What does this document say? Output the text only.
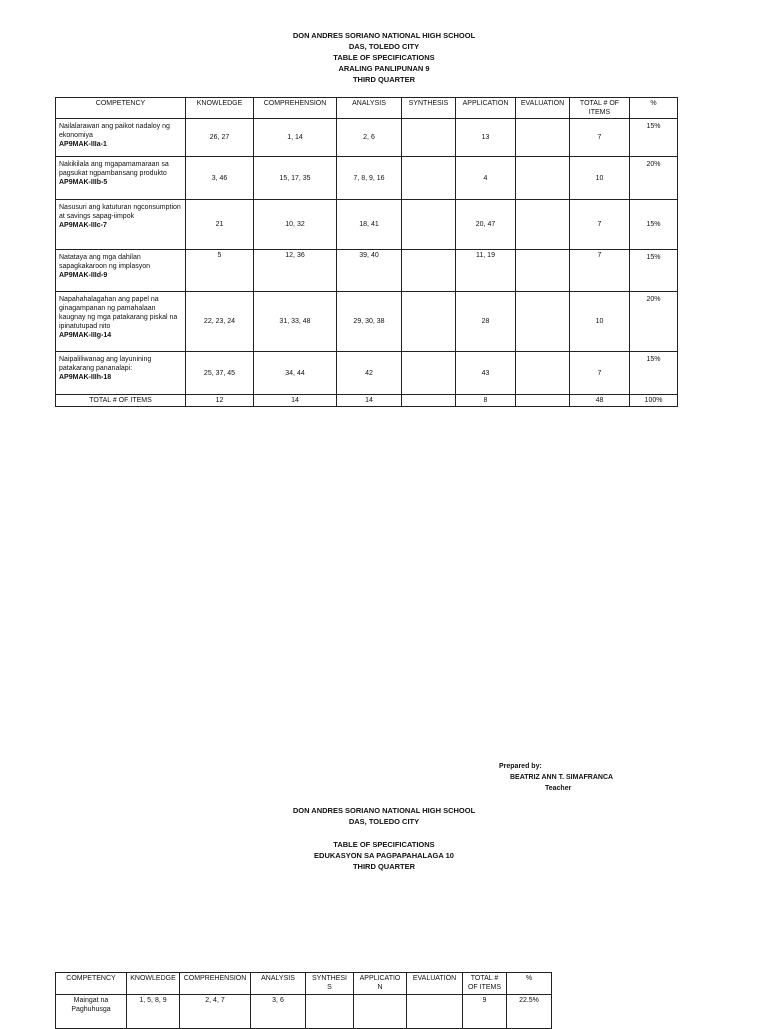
DON ANDRES SORIANO NATIONAL HIGH SCHOOL
DAS, TOLEDO CITY
TABLE OF SPECIFICATIONS
ARALING PANLIPUNAN 9
THIRD QUARTER
COMPETENCY	KNOWLEDGE	COMPREHENSION	ANALYSIS	SYNTHESIS	APPLICATION	EVALUATION	TOTAL # OF ITEMS	%

Nailalarawan ang paikot nadaloy ng ekonomiya
AP9MAK-IIIa-1	26, 27	1, 14	2, 6		13		7	15%

Nakikilala ang mgapamamaraan sa pagsukat ngpambansang produkto
AP9MAK-IIIb-5	3, 46	15, 17, 35	7, 8, 9, 16		4		10	20%

Nasusuri ang katuturan ngconsumption at savings sapag-iimpok
AP9MAK-IIIc-7	21	10, 32	18, 41		20, 47		7	15%

Natataya ang mga dahilan sapagkakaroon ng implasyon
AP9MAK-IIId-9	5	12, 36	39, 40		11, 19		7	15%

Napahahalagahan ang papel na ginagampanan ng pamahalaan kaugnay ng mga patakarang piskal na ipinatutupad nito
AP9MAK-IIIg-14	22, 23, 24	31, 33, 48	29, 30, 38		28		10	20%

Naipaliliwanag ang layunining patakarang pananalapi:
AP9MAK-IIIh-18	25, 37, 45	34, 44	42		43		7	15%
TOTAL # OF ITEMS	12	14	14		8		48	100%
Prepared by:
BEATRIZ ANN T. SIMAFRANCA
Teacher
DON ANDRES SORIANO NATIONAL HIGH SCHOOL
DAS, TOLEDO CITY
TABLE OF SPECIFICATIONS
EDUKASYON SA PAGPAPAHALAGA 10
THIRD QUARTER
COMPETENCY	KNOWLEDGE	COMPREHENSION	ANALYSIS	SYNTHESI S	APPLICATIO N	EVALUATION	TOTAL # OF ITEMS	%
Maingat na Paghuhusga	1, 5, 8, 9	2, 4, 7	3, 6				9	22.5%
